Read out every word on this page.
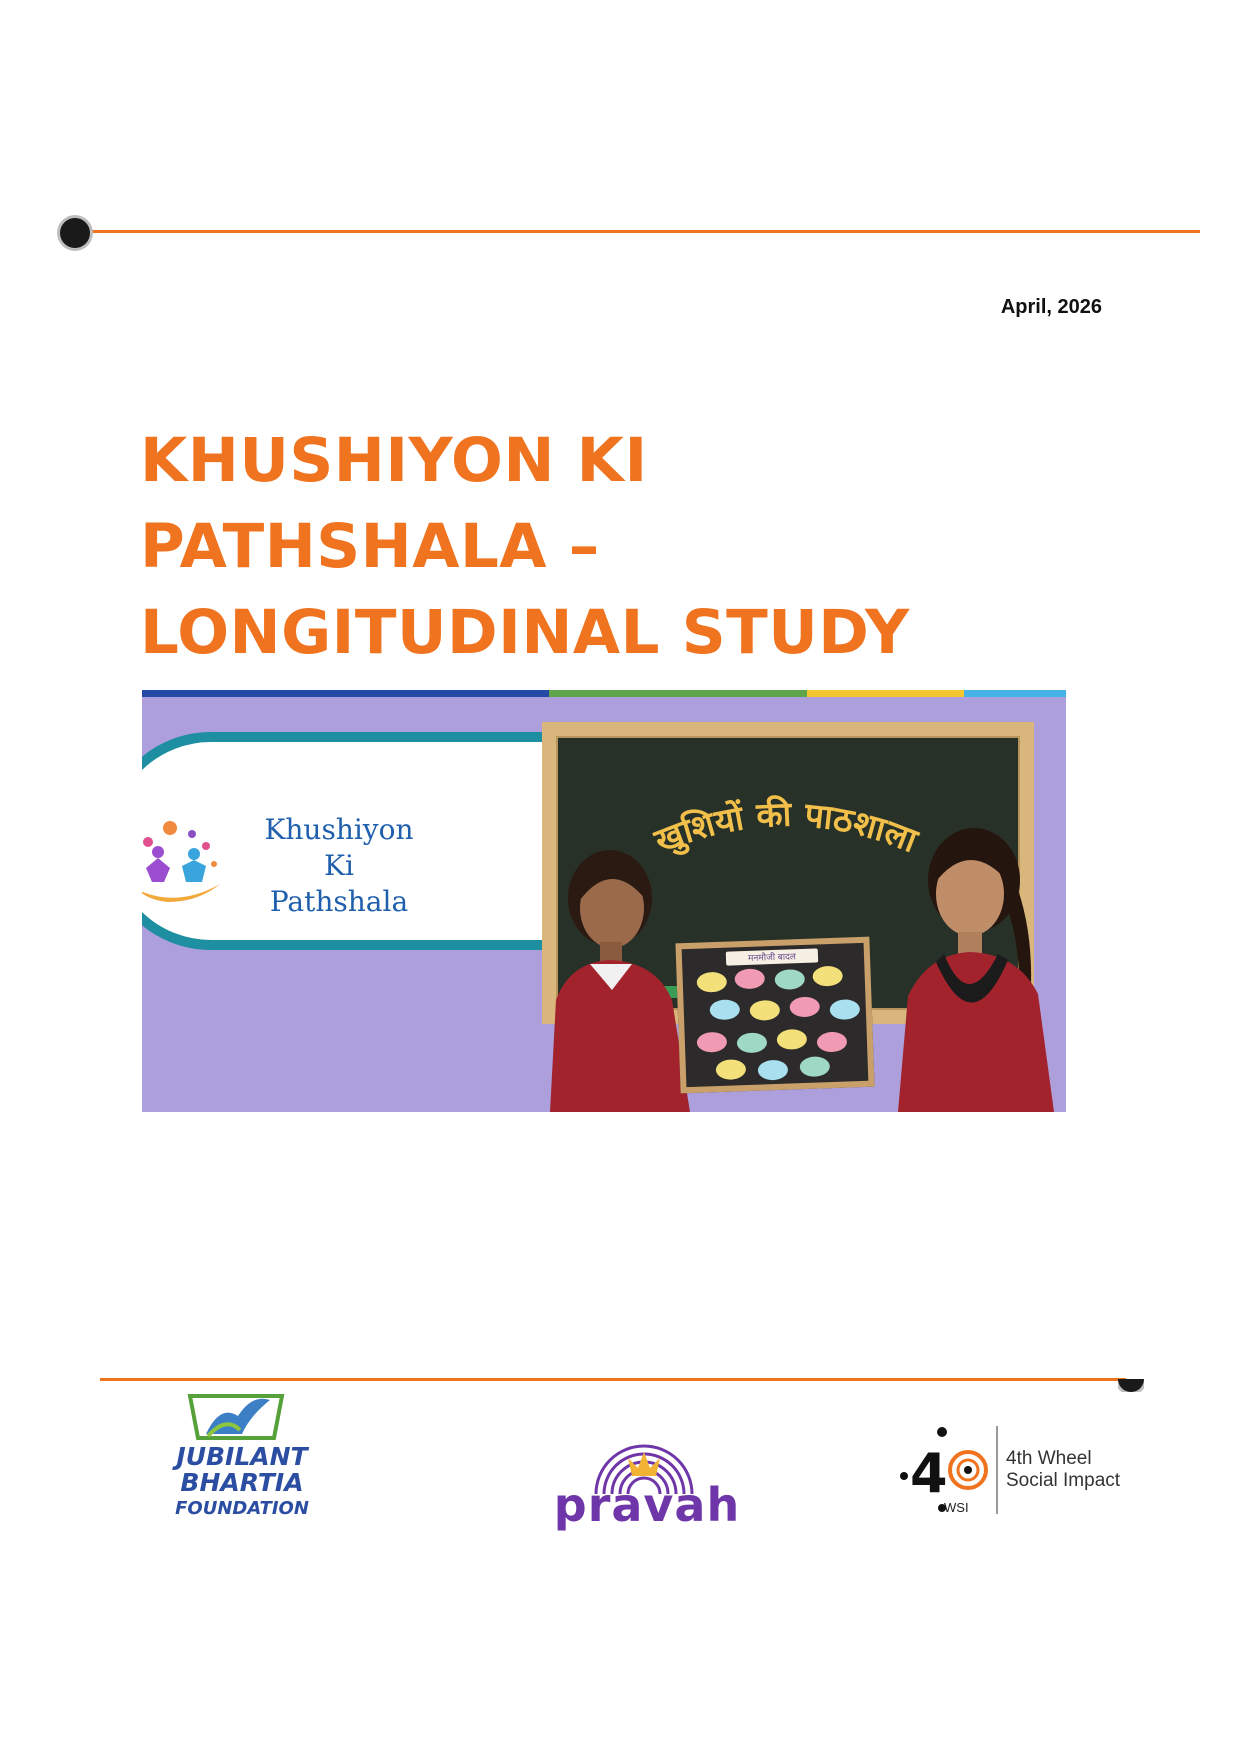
April, 2026
KHUSHIYON KI
PATHSHALA –
LONGITUDINAL STUDY
Khushiyon
Ki
Pathshala
खुशियों की पाठशाला
मनमौजी बादल
JUBILANT
BHARTIA
FOUNDATION	pravah	4
WSI
4th Wheel
Social Impact
